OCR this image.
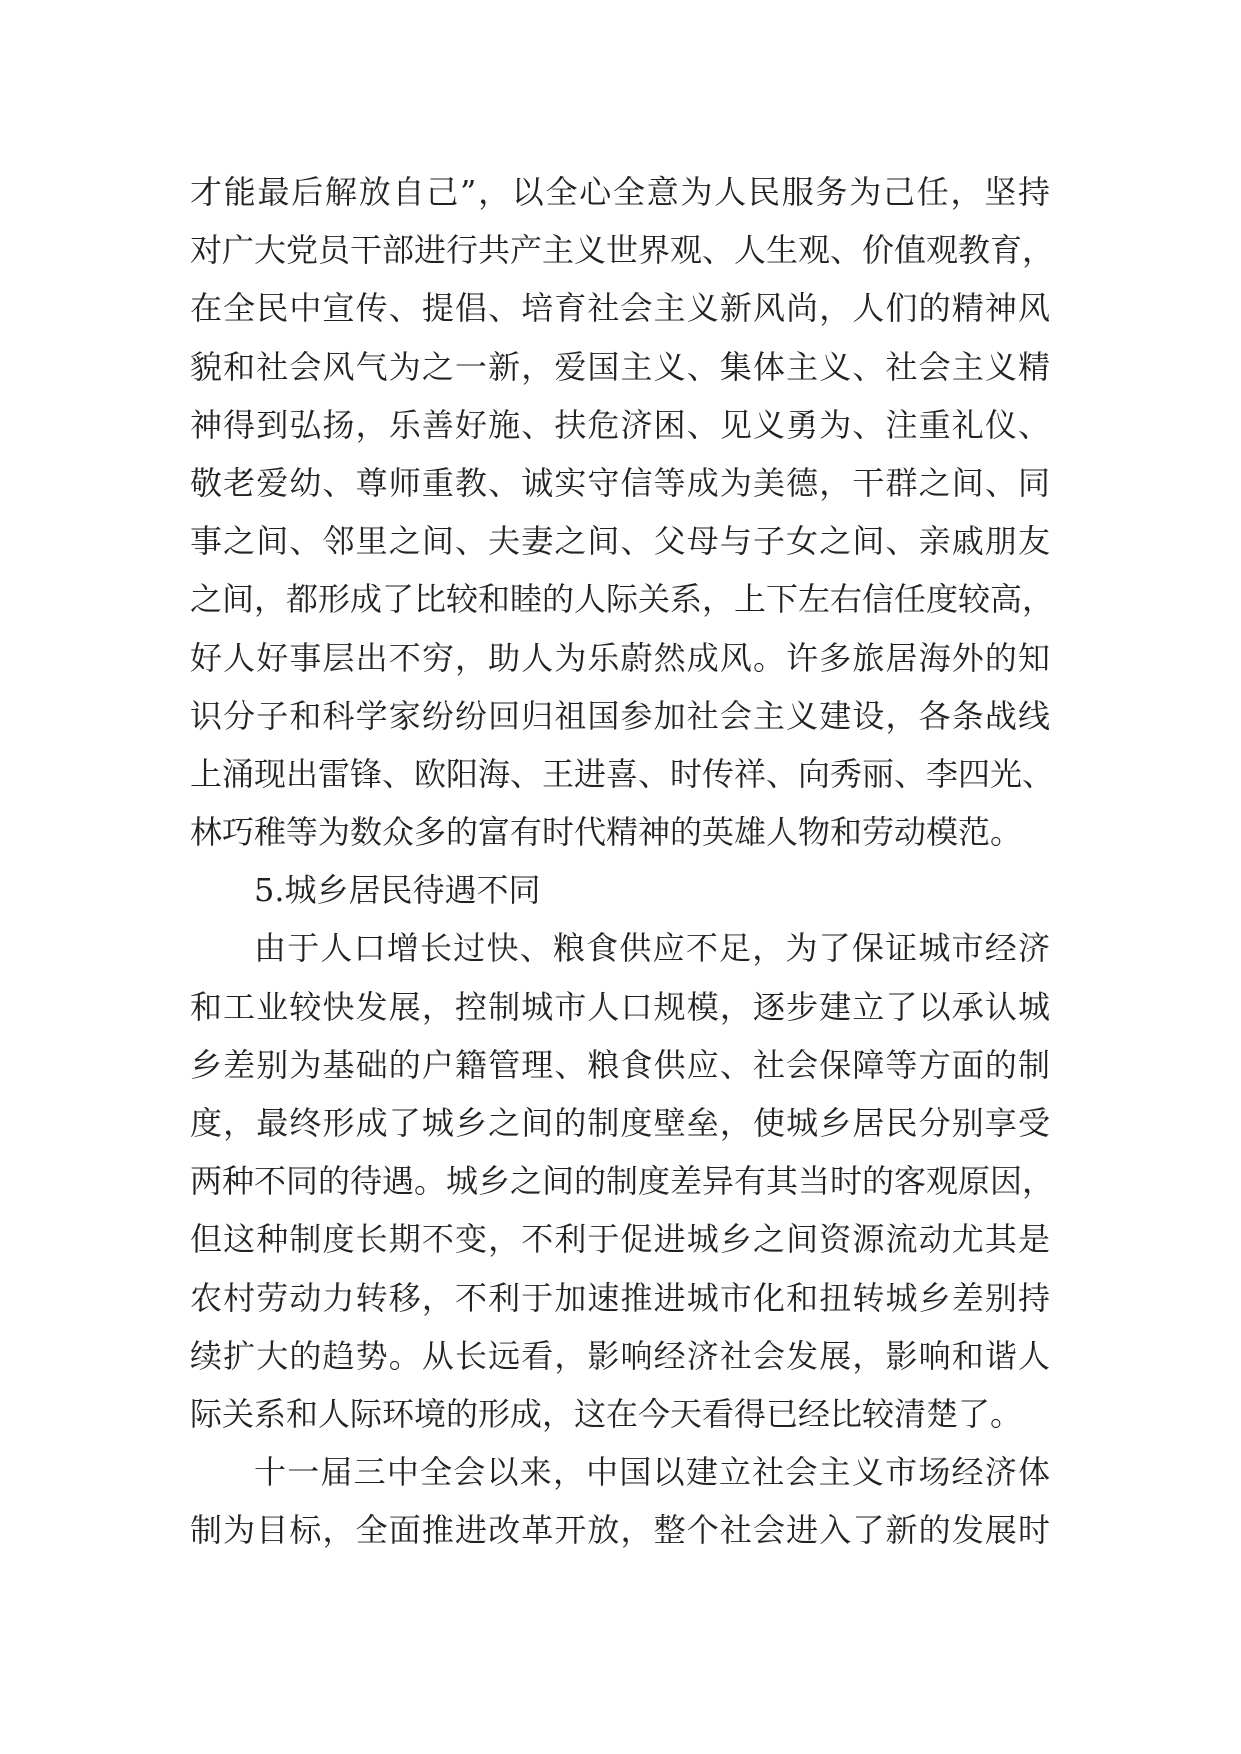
才能最后解放自己”，以全心全意为人民服务为己任，坚持
对广大党员干部进行共产主义世界观、人生观、价值观教育，
在全民中宣传、提倡、培育社会主义新风尚，人们的精神风
貌和社会风气为之一新，爱国主义、集体主义、社会主义精
神得到弘扬，乐善好施、扶危济困、见义勇为、注重礼仪、
敬老爱幼、尊师重教、诚实守信等成为美德，干群之间、同
事之间、邻里之间、夫妻之间、父母与子女之间、亲戚朋友
之间，都形成了比较和睦的人际关系，上下左右信任度较高，
好人好事层出不穷，助人为乐蔚然成风。许多旅居海外的知
识分子和科学家纷纷回归祖国参加社会主义建设，各条战线
上涌现出雷锋、欧阳海、王进喜、时传祥、向秀丽、李四光、
林巧稚等为数众多的富有时代精神的英雄人物和劳动模范。
5.城乡居民待遇不同
由于人口增长过快、粮食供应不足，为了保证城市经济
和工业较快发展，控制城市人口规模，逐步建立了以承认城
乡差别为基础的户籍管理、粮食供应、社会保障等方面的制
度，最终形成了城乡之间的制度壁垒，使城乡居民分别享受
两种不同的待遇。城乡之间的制度差异有其当时的客观原因，
但这种制度长期不变，不利于促进城乡之间资源流动尤其是
农村劳动力转移，不利于加速推进城市化和扭转城乡差别持
续扩大的趋势。从长远看，影响经济社会发展，影响和谐人
际关系和人际环境的形成，这在今天看得已经比较清楚了。
十一届三中全会以来，中国以建立社会主义市场经济体
制为目标，全面推进改革开放，整个社会进入了新的发展时
